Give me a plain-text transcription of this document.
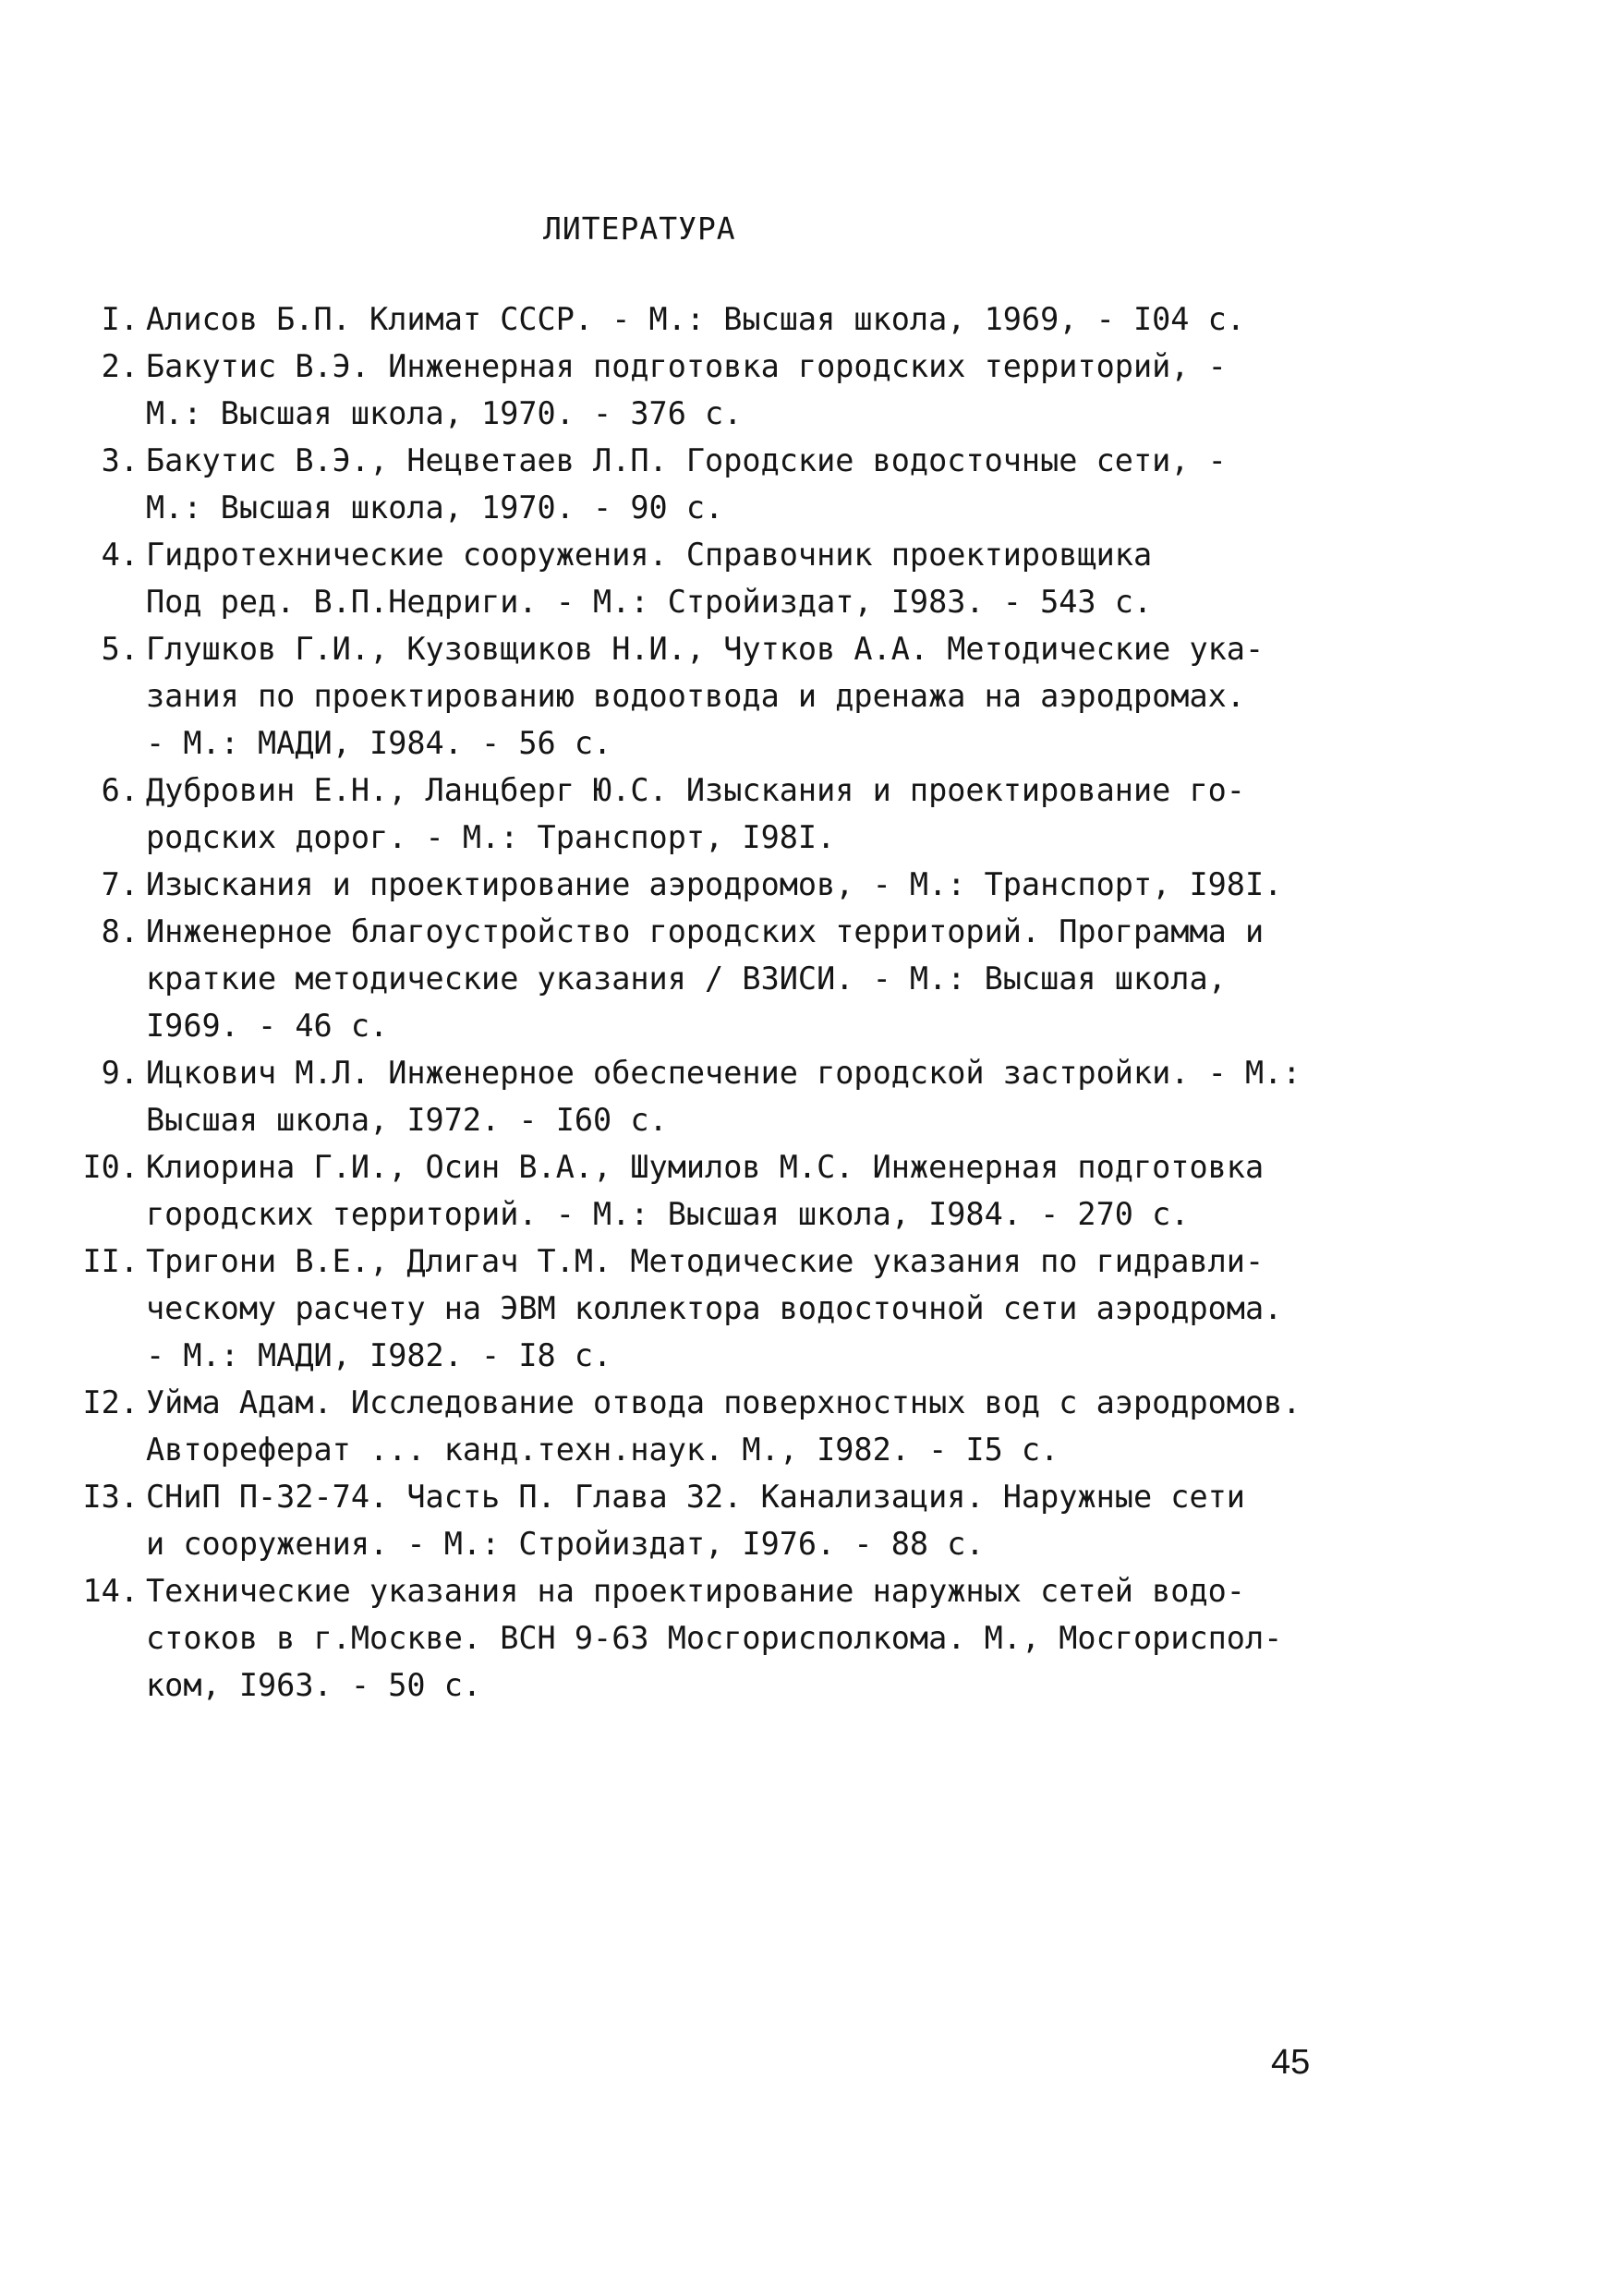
ЛИТЕРАТУРА
I. Алисов Б.П. Климат СССР. - М.: Высшая школа, 1969, - I04 с.
2. Бакутис В.Э. Инженерная подготовка городских территорий, -
М.: Высшая школа, 1970. - 376 с.
3. Бакутис В.Э., Нецветаев Л.П. Городские водосточные сети, -
М.: Высшая школа, 1970. - 90 с.
4. Гидротехнические сооружения. Справочник проектировщика
Под ред. В.П.Недриги. - М.: Стройиздат, I983. - 543 с.
5. Глушков Г.И., Кузовщиков Н.И., Чутков А.А. Методические ука-
зания по проектированию водоотвода и дренажа на аэродромах.
- М.: МАДИ, I984. - 56 с.
6. Дубровин Е.Н., Ланцберг Ю.С. Изыскания и проектирование го-
родских дорог. - М.: Транспорт, I98I.
7. Изыскания и проектирование аэродромов, - М.: Транспорт, I98I.
8. Инженерное благоустройство городских территорий. Программа и
краткие методические указания / ВЗИСИ. - М.: Высшая школа,
I969. - 46 с.
9. Ицкович М.Л. Инженерное обеспечение городской застройки. - М.:
Высшая школа, I972. - I60 с.
I0. Клиорина Г.И., Осин В.А., Шумилов М.С. Инженерная подготовка
городских территорий. - М.: Высшая школа, I984. - 270 с.
II. Тригони В.Е., Длигач Т.М. Методические указания по гидравли-
ческому расчету на ЭВМ коллектора водосточной сети аэродрома.
- М.: МАДИ, I982. - I8 с.
I2. Уйма Адам. Исследование отвода поверхностных вод с аэродромов.
Автореферат ... канд.техн.наук. М., I982. - I5 с.
I3. СНиП П-32-74. Часть П. Глава 32. Канализация. Наружные сети
и сооружения. - М.: Стройиздат, I976. - 88 с.
14. Технические указания на проектирование наружных сетей водо-
стоков в г.Москве. ВСН 9-63 Мосгорисполкома. М., Мосгориспол-
ком, I963. - 50 с.
45
